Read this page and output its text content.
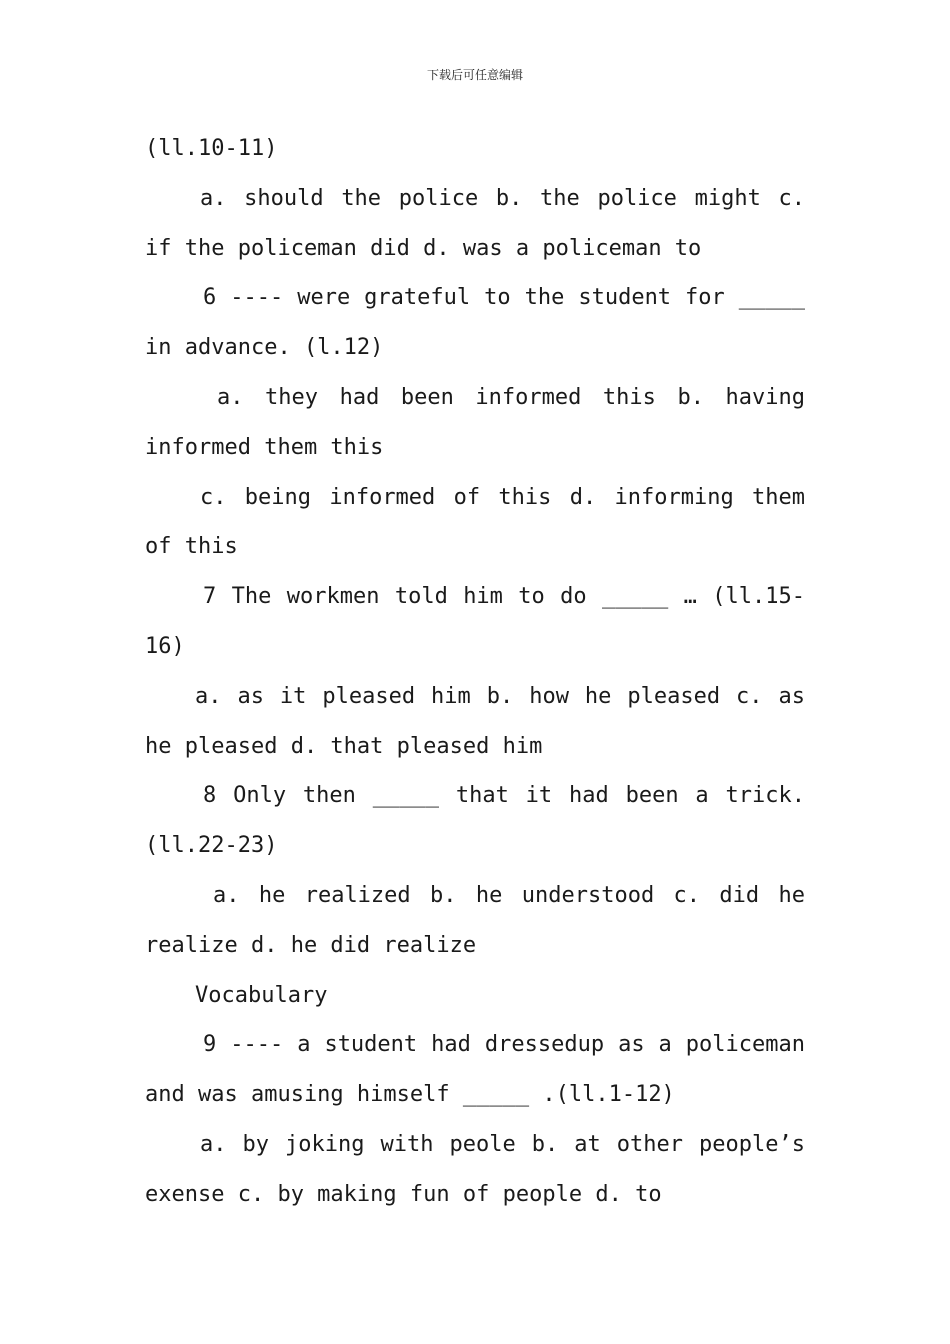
下载后可任意编辑

(ll.10-11)

a. should the police b. the police might c. if the policeman did d. was a policeman to

6 ---- were grateful to the student for _____ in advance. (l.12)

a. they had been informed this b. having informed them this

c. being informed of this d. informing them of this

7 The workmen told him to do _____ … (ll.15-16)

a. as it pleased him b. how he pleased c. as he pleased d. that pleased him

8 Only then _____ that it had been a trick. (ll.22-23)

a. he realized b. he understood c. did he realize d. he did realize

Vocabulary

9 ---- a student had dressedup as a policeman and was amusing himself _____ .(ll.1-12)

a. by joking with peole b. at other people’s exense c. by making fun of people d. to
